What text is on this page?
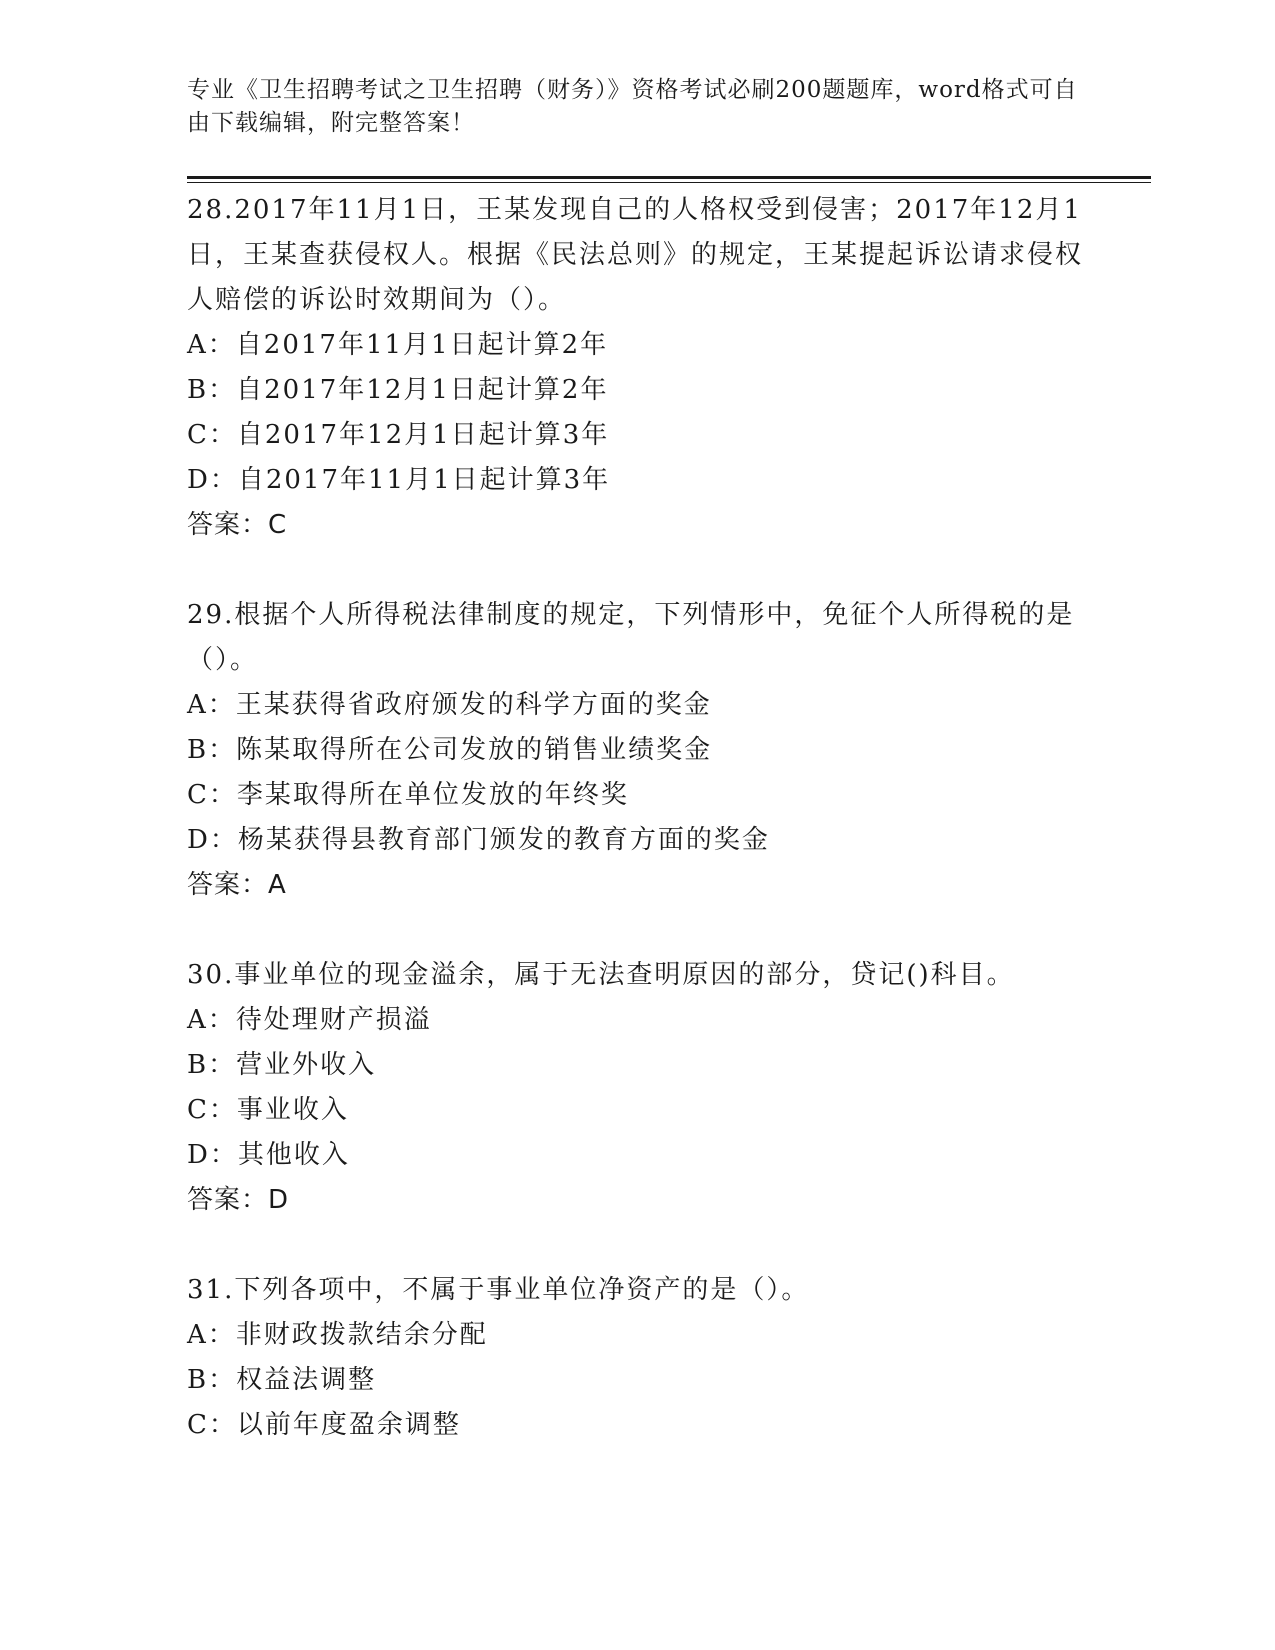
专业《卫生招聘考试之卫生招聘（财务）》资格考试必刷200题题库，word格式可自由下载编辑，附完整答案！

28.2017年11月1日，王某发现自己的人格权受到侵害；2017年12月1日，王某查获侵权人。根据《民法总则》的规定，王某提起诉讼请求侵权人赔偿的诉讼时效期间为（）。

A：自2017年11月1日起计算2年

B：自2017年12月1日起计算2年

C：自2017年12月1日起计算3年

D：自2017年11月1日起计算3年

答案：C

29.根据个人所得税法律制度的规定，下列情形中，免征个人所得税的是（）。

A：王某获得省政府颁发的科学方面的奖金

B：陈某取得所在公司发放的销售业绩奖金

C：李某取得所在单位发放的年终奖

D：杨某获得县教育部门颁发的教育方面的奖金

答案：A

30.事业单位的现金溢余，属于无法查明原因的部分，贷记()科目。

A：待处理财产损溢

B：营业外收入

C：事业收入

D：其他收入

答案：D

31.下列各项中，不属于事业单位净资产的是（）。

A：非财政拨款结余分配

B：权益法调整

C：以前年度盈余调整
